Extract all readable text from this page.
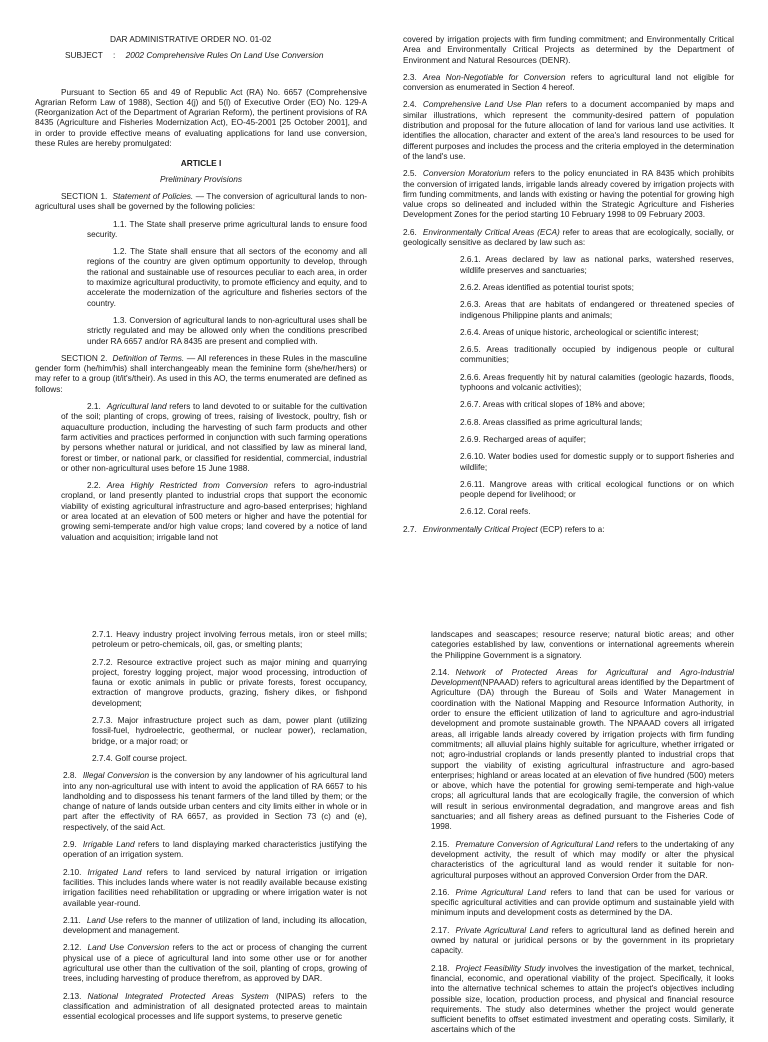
DAR ADMINISTRATIVE ORDER NO. 01-02

SUBJECT : 2002 Comprehensive Rules On Land Use Conversion

Pursuant to Section 65 and 49 of Republic Act (RA) No. 6657 (Comprehensive Agrarian Reform Law of 1988), Section 4(j) and 5(l) of Executive Order (EO) No. 129-A (Reorganization Act of the Department of Agrarian Reform), the pertinent provisions of RA 8435 (Agriculture and Fisheries Modernization Act), EO-45-2001 [25 October 2001], and in order to provide effective means of evaluating applications for land use conversion, these Rules are hereby promulgated:

ARTICLE I

Preliminary Provisions

SECTION 1. Statement of Policies. — The conversion of agricultural lands to non-agricultural uses shall be governed by the following policies:

1.1. The State shall preserve prime agricultural lands to ensure food security.

1.2. The State shall ensure that all sectors of the economy and all regions of the country are given optimum opportunity to develop, through the rational and sustainable use of resources peculiar to each area, in order to maximize agricultural productivity, to promote efficiency and equity, and to accelerate the modernization of the agriculture and fisheries sectors of the country.

1.3. Conversion of agricultural lands to non-agricultural uses shall be strictly regulated and may be allowed only when the conditions prescribed under RA 6657 and/or RA 8435 are present and complied with.

SECTION 2. Definition of Terms. — All references in these Rules in the masculine gender form (he/him/his) shall interchangeably mean the feminine form (she/her/hers) or may refer to a group (it/it's/their). As used in this AO, the terms enumerated are defined as follows:

2.1. Agricultural land refers to land devoted to or suitable for the cultivation of the soil; planting of crops, growing of trees, raising of livestock, poultry, fish or aquaculture production, including the harvesting of such farm products and other farm activities and practices performed in conjunction with such farming operations by persons whether natural or juridical, and not classified by law as mineral land, forest or timber, or national park, or classified for residential, commercial, industrial or other non-agricultural uses before 15 June 1988.

2.2. Area Highly Restricted from Conversion refers to agro-industrial cropland, or land presently planted to industrial crops that support the economic viability of existing agricultural infrastructure and agro-based enterprises; highland or area located at an elevation of 500 meters or higher and have the potential for growing semi-temperate and/or high value crops; land covered by a notice of land valuation and acquisition; irrigable land not

covered by irrigation projects with firm funding commitment; and Environmentally Critical Area and Environmentally Critical Projects as determined by the Department of Environment and Natural Resources (DENR).

2.3. Area Non-Negotiable for Conversion refers to agricultural land not eligible for conversion as enumerated in Section 4 hereof.

2.4. Comprehensive Land Use Plan refers to a document accompanied by maps and similar illustrations, which represent the community-desired pattern of population distribution and proposal for the future allocation of land for various land use activities. It identifies the allocation, character and extent of the area's land resources to be used for different purposes and includes the process and the criteria employed in the determination of the land's use.

2.5. Conversion Moratorium refers to the policy enunciated in RA 8435 which prohibits the conversion of irrigated lands, irrigable lands already covered by irrigation projects with firm funding commitments, and lands with existing or having the potential for growing high value crops so delineated and included within the Strategic Agriculture and Fisheries Development Zones for the period starting 10 February 1998 to 09 February 2003.

2.6. Environmentally Critical Areas (ECA) refer to areas that are ecologically, socially, or geologically sensitive as declared by law such as:

2.6.1. Areas declared by law as national parks, watershed reserves, wildlife preserves and sanctuaries;

2.6.2. Areas identified as potential tourist spots;

2.6.3. Areas that are habitats of endangered or threatened species of indigenous Philippine plants and animals;

2.6.4. Areas of unique historic, archeological or scientific interest;

2.6.5. Areas traditionally occupied by indigenous people or cultural communities;

2.6.6. Areas frequently hit by natural calamities (geologic hazards, floods, typhoons and volcanic activities);

2.6.7. Areas with critical slopes of 18% and above;

2.6.8. Areas classified as prime agricultural lands;

2.6.9. Recharged areas of aquifer;

2.6.10. Water bodies used for domestic supply or to support fisheries and wildlife;

2.6.11. Mangrove areas with critical ecological functions or on which people depend for livelihood; or

2.6.12. Coral reefs.

2.7. Environmentally Critical Project (ECP) refers to a:

2.7.1. Heavy industry project involving ferrous metals, iron or steel mills; petroleum or petro-chemicals, oil, gas, or smelting plants;

2.7.2. Resource extractive project such as major mining and quarrying project, forestry logging project, major wood processing, introduction of fauna or exotic animals in public or private forests, forest occupancy, extraction of mangrove products, grazing, fishery dikes, or fishpond development;

2.7.3. Major infrastructure project such as dam, power plant (utilizing fossil-fuel, hydroelectric, geothermal, or nuclear power), reclamation, bridge, or a major road; or

2.7.4. Golf course project.

2.8. Illegal Conversion is the conversion by any landowner of his agricultural land into any non-agricultural use with intent to avoid the application of RA 6657 to his landholding and to dispossess his tenant farmers of the land tilled by them; or the change of nature of lands outside urban centers and city limits either in whole or in part after the effectivity of RA 6657, as provided in Section 73 (c) and (e), respectively, of the said Act.

2.9. Irrigable Land refers to land displaying marked characteristics justifying the operation of an irrigation system.

2.10. Irrigated Land refers to land serviced by natural irrigation or irrigation facilities. This includes lands where water is not readily available because existing irrigation facilities need rehabilitation or upgrading or where irrigation water is not available year-round.

2.11. Land Use refers to the manner of utilization of land, including its allocation, development and management.

2.12. Land Use Conversion refers to the act or process of changing the current physical use of a piece of agricultural land into some other use or for another agricultural use other than the cultivation of the soil, planting of crops, growing of trees, including harvesting of produce therefrom, as approved by DAR.

2.13. National Integrated Protected Areas System (NIPAS) refers to the classification and administration of all designated protected areas to maintain essential ecological processes and life support systems, to preserve genetic

landscapes and seascapes; resource reserve; natural biotic areas; and other categories established by law, conventions or international agreements wherein the Philippine Government is a signatory.

2.14. Network of Protected Areas for Agricultural and Agro-Industrial Development(NPAAAD) refers to agricultural areas identified by the Department of Agriculture (DA) through the Bureau of Soils and Water Management in coordination with the National Mapping and Resource Information Authority, in order to ensure the efficient utilization of land to agriculture and agro-industrial development and promote sustainable growth. The NPAAAD covers all irrigated areas, all irrigable lands already covered by irrigation projects with firm funding commitments; all alluvial plains highly suitable for agriculture, whether irrigated or not; agro-industrial croplands or lands presently planted to industrial crops that support the viability of existing agricultural infrastructure and agro-based enterprises; highland or areas located at an elevation of five hundred (500) meters or above, which have the potential for growing semi-temperate and high-value crops; all agricultural lands that are ecologically fragile, the conversion of which will result in serious environmental degradation, and mangrove areas and fish sanctuaries; and all fishery areas as defined pursuant to the Fisheries Code of 1998.

2.15. Premature Conversion of Agricultural Land refers to the undertaking of any development activity, the result of which may modify or alter the physical characteristics of the agricultural land as would render it suitable for non-agricultural purposes without an approved Conversion Order from the DAR.

2.16. Prime Agricultural Land refers to land that can be used for various or specific agricultural activities and can provide optimum and sustainable yield with minimum inputs and development costs as determined by the DA.

2.17. Private Agricultural Land refers to agricultural land as defined herein and owned by natural or juridical persons or by the government in its proprietary capacity.

2.18. Project Feasibility Study involves the investigation of the market, technical, financial, economic, and operational viability of the project. Specifically, it looks into the alternative technical schemes to attain the project's objectives including possible size, location, production process, and physical and financial resource requirements. The study also determines whether the project would generate sufficient benefits to offset estimated investment and operating costs. Similarly, it ascertains which of the
